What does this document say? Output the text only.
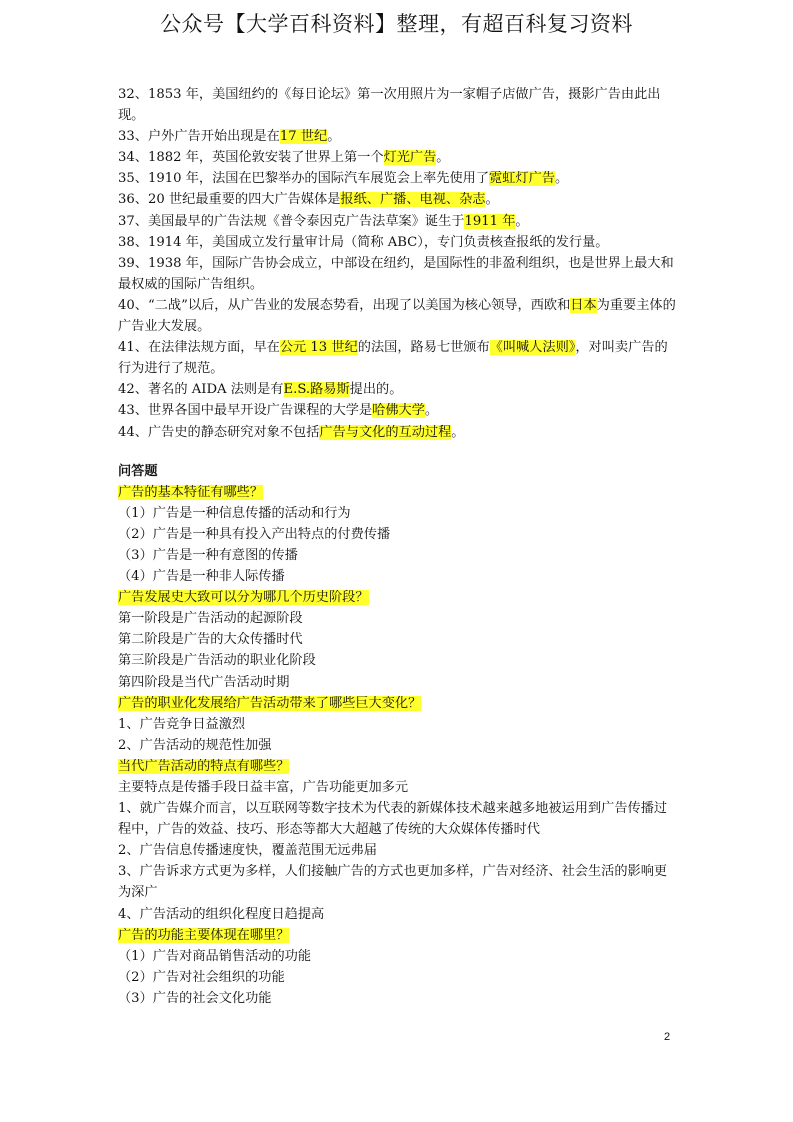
公众号【大学百科资料】整理，有超百科复习资料
32、1853 年，美国纽约的《每日论坛》第一次用照片为一家帽子店做广告，摄影广告由此出现。
33、户外广告开始出现是在17 世纪。
34、1882 年，英国伦敦安装了世界上第一个灯光广告。
35、1910 年，法国在巴黎举办的国际汽车展览会上率先使用了霓虹灯广告。
36、20 世纪最重要的四大广告媒体是报纸、广播、电视、杂志。
37、美国最早的广告法规《普令泰因克广告法草案》诞生于1911 年。
38、1914 年，美国成立发行量审计局（简称 ABC），专门负责核查报纸的发行量。
39、1938 年，国际广告协会成立，中部设在纽约，是国际性的非盈利组织，也是世界上最大和最权威的国际广告组织。
40、“二战”以后，从广告业的发展态势看，出现了以美国为核心领导，西欧和日本为重要主体的广告业大发展。
41、在法律法规方面，早在公元 13 世纪的法国，路易七世颁布《叫喊人法则》，对叫卖广告的行为进行了规范。
42、著名的 AIDA 法则是有E.S.路易斯提出的。
43、世界各国中最早开设广告课程的大学是哈佛大学。
44、广告史的静态研究对象不包括广告与文化的互动过程。
问答题
广告的基本特征有哪些？
（1）广告是一种信息传播的活动和行为
（2）广告是一种具有投入产出特点的付费传播
（3）广告是一种有意图的传播
（4）广告是一种非人际传播
广告发展史大致可以分为哪几个历史阶段？
第一阶段是广告活动的起源阶段
第二阶段是广告的大众传播时代
第三阶段是广告活动的职业化阶段
第四阶段是当代广告活动时期
广告的职业化发展给广告活动带来了哪些巨大变化？
1、广告竞争日益激烈
2、广告活动的规范性加强
当代广告活动的特点有哪些？
主要特点是传播手段日益丰富，广告功能更加多元
1、就广告媒介而言，以互联网等数字技术为代表的新媒体技术越来越多地被运用到广告传播过程中，广告的效益、技巧、形态等都大大超越了传统的大众媒体传播时代
2、广告信息传播速度快，覆盖范围无远弗届
3、广告诉求方式更为多样，人们接触广告的方式也更加多样，广告对经济、社会生活的影响更为深广
4、广告活动的组织化程度日趋提高
广告的功能主要体现在哪里？
（1）广告对商品销售活动的功能
（2）广告对社会组织的功能
（3）广告的社会文化功能
2
